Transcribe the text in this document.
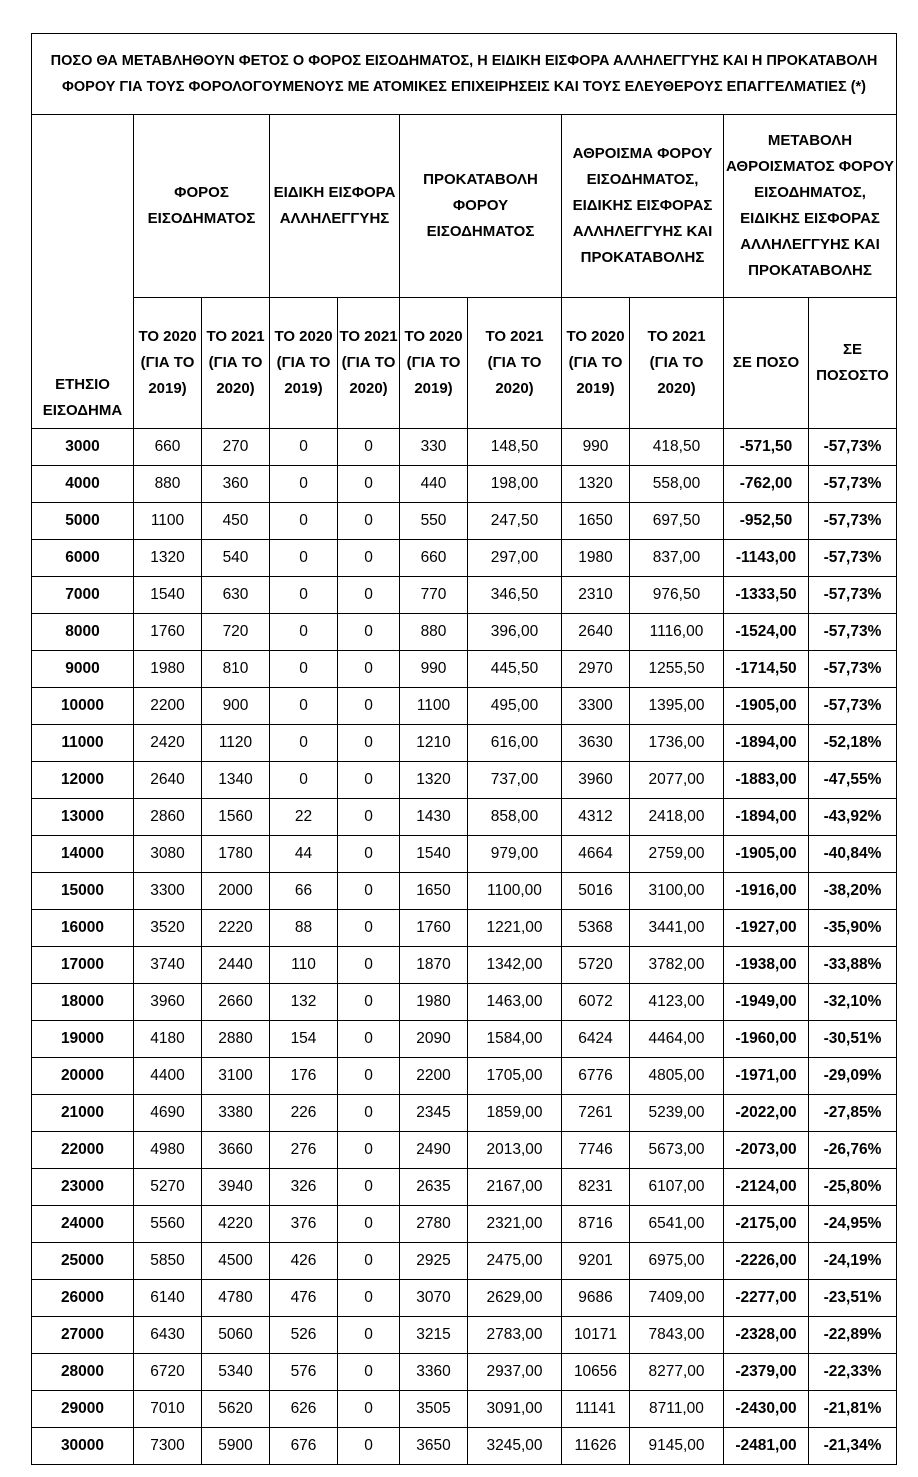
ΠΟΣΟ ΘΑ ΜΕΤΑΒΛΗΘΟΥΝ ΦΕΤΟΣ Ο ΦΟΡΟΣ ΕΙΣΟΔΗΜΑΤΟΣ, Η ΕΙΔΙΚΗ ΕΙΣΦΟΡΑ ΑΛΛΗΛΕΓΓΥΗΣ ΚΑΙ Η ΠΡΟΚΑΤΑΒΟΛΗ ΦΟΡΟΥ ΓΙΑ ΤΟΥΣ ΦΟΡΟΛΟΓΟΥΜΕΝΟΥΣ ΜΕ ΑΤΟΜΙΚΕΣ ΕΠΙΧΕΙΡΗΣΕΙΣ ΚΑΙ ΤΟΥΣ ΕΛΕΥΘΕΡΟΥΣ ΕΠΑΓΓΕΛΜΑΤΙΕΣ (*)										
ΕΤΗΣΙΟ ΕΙΣΟΔΗΜΑ	ΦΟΡΟΣ ΕΙΣΟΔΗΜΑΤΟΣ		ΕΙΔΙΚΗ ΕΙΣΦΟΡΑ ΑΛΛΗΛΕΓΓΥΗΣ		ΠΡΟΚΑΤΑΒΟΛΗ ΦΟΡΟΥ ΕΙΣΟΔΗΜΑΤΟΣ		ΑΘΡΟΙΣΜΑ ΦΟΡΟΥ ΕΙΣΟΔΗΜΑΤΟΣ, ΕΙΔΙΚΗΣ ΕΙΣΦΟΡΑΣ ΑΛΛΗΛΕΓΓΥΗΣ ΚΑΙ ΠΡΟΚΑΤΑΒΟΛΗΣ		ΜΕΤΑΒΟΛΗ ΑΘΡΟΙΣΜΑΤΟΣ ΦΟΡΟΥ ΕΙΣΟΔΗΜΑΤΟΣ, ΕΙΔΙΚΗΣ ΕΙΣΦΟΡΑΣ ΑΛΛΗΛΕΓΓΥΗΣ ΚΑΙ ΠΡΟΚΑΤΑΒΟΛΗΣ	
	ΤΟ 2020 (ΓΙΑ ΤΟ 2019)	ΤΟ 2021 (ΓΙΑ ΤΟ 2020)	ΤΟ 2020 (ΓΙΑ ΤΟ 2019)	ΤΟ 2021 (ΓΙΑ ΤΟ 2020)	ΤΟ 2020 (ΓΙΑ ΤΟ 2019)	ΤΟ 2021 (ΓΙΑ ΤΟ 2020)	ΤΟ 2020 (ΓΙΑ ΤΟ 2019)	ΤΟ 2021 (ΓΙΑ ΤΟ 2020)	ΣΕ ΠΟΣΟ	ΣΕ ΠΟΣΟΣΤΟ
3000	660	270	0	0	330	148,50	990	418,50	-571,50	-57,73%
4000	880	360	0	0	440	198,00	1320	558,00	-762,00	-57,73%
5000	1100	450	0	0	550	247,50	1650	697,50	-952,50	-57,73%
6000	1320	540	0	0	660	297,00	1980	837,00	-1143,00	-57,73%
7000	1540	630	0	0	770	346,50	2310	976,50	-1333,50	-57,73%
8000	1760	720	0	0	880	396,00	2640	1116,00	-1524,00	-57,73%
9000	1980	810	0	0	990	445,50	2970	1255,50	-1714,50	-57,73%
10000	2200	900	0	0	1100	495,00	3300	1395,00	-1905,00	-57,73%
11000	2420	1120	0	0	1210	616,00	3630	1736,00	-1894,00	-52,18%
12000	2640	1340	0	0	1320	737,00	3960	2077,00	-1883,00	-47,55%
13000	2860	1560	22	0	1430	858,00	4312	2418,00	-1894,00	-43,92%
14000	3080	1780	44	0	1540	979,00	4664	2759,00	-1905,00	-40,84%
15000	3300	2000	66	0	1650	1100,00	5016	3100,00	-1916,00	-38,20%
16000	3520	2220	88	0	1760	1221,00	5368	3441,00	-1927,00	-35,90%
17000	3740	2440	110	0	1870	1342,00	5720	3782,00	-1938,00	-33,88%
18000	3960	2660	132	0	1980	1463,00	6072	4123,00	-1949,00	-32,10%
19000	4180	2880	154	0	2090	1584,00	6424	4464,00	-1960,00	-30,51%
20000	4400	3100	176	0	2200	1705,00	6776	4805,00	-1971,00	-29,09%
21000	4690	3380	226	0	2345	1859,00	7261	5239,00	-2022,00	-27,85%
22000	4980	3660	276	0	2490	2013,00	7746	5673,00	-2073,00	-26,76%
23000	5270	3940	326	0	2635	2167,00	8231	6107,00	-2124,00	-25,80%
24000	5560	4220	376	0	2780	2321,00	8716	6541,00	-2175,00	-24,95%
25000	5850	4500	426	0	2925	2475,00	9201	6975,00	-2226,00	-24,19%
26000	6140	4780	476	0	3070	2629,00	9686	7409,00	-2277,00	-23,51%
27000	6430	5060	526	0	3215	2783,00	10171	7843,00	-2328,00	-22,89%
28000	6720	5340	576	0	3360	2937,00	10656	8277,00	-2379,00	-22,33%
29000	7010	5620	626	0	3505	3091,00	11141	8711,00	-2430,00	-21,81%
30000	7300	5900	676	0	3650	3245,00	11626	9145,00	-2481,00	-21,34%
